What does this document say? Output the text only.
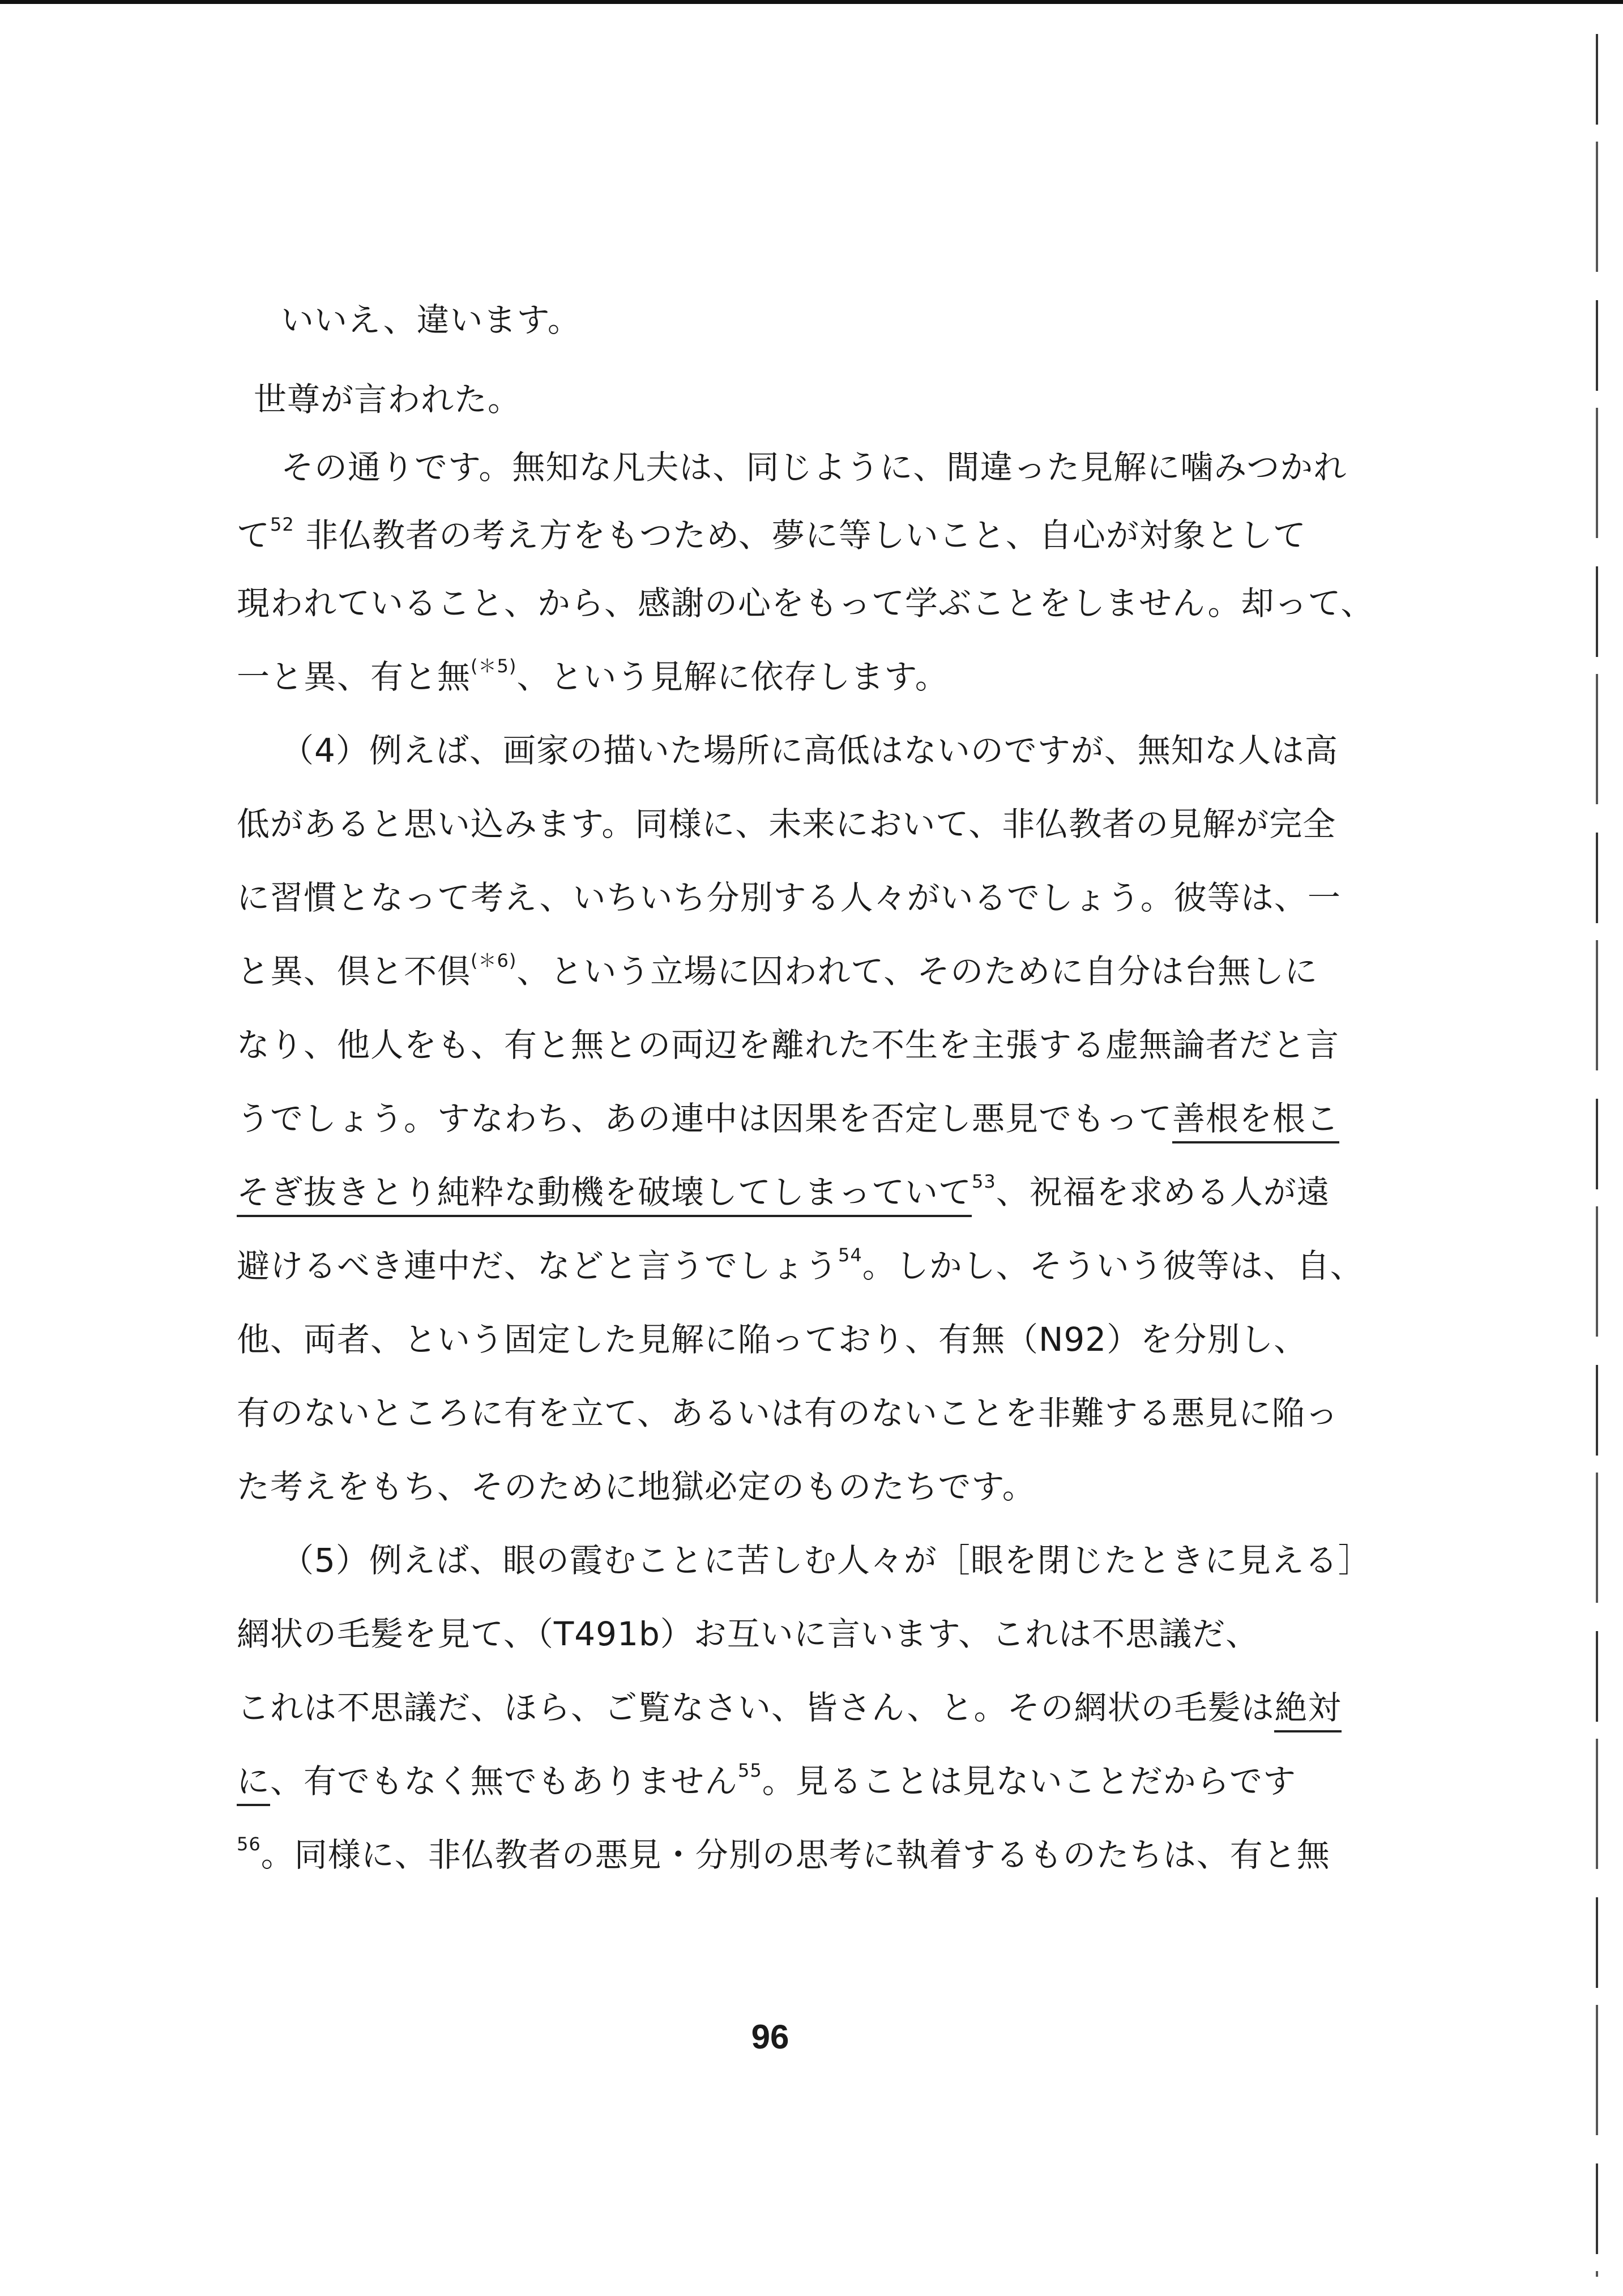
いいえ、違います。
世尊が言われた。
その通りです。無知な凡夫は、同じように、間違った見解に噛みつかれ
て$^{52}$ 非仏教者の考え方をもつため、夢に等しいこと、自心が対象として
現われていること、から、感謝の心をもって学ぶことをしません。却って、
一と異、有と無$^{(*5)}$、という見解に依存します。
（4）例えば、画家の描いた場所に高低はないのですが、無知な人は高
低があると思い込みます。同様に、未来において、非仏教者の見解が完全
に習慣となって考え、いちいち分別する人々がいるでしょう。彼等は、一
と異、倶と不倶$^{(*6)}$、という立場に囚われて、そのために自分は台無しに
なり、他人をも、有と無との両辺を離れた不生を主張する虚無論者だと言
うでしょう。すなわち、あの連中は因果を否定し悪見でもって善根を根こ
そぎ抜きとり純粋な動機を破壊してしまっていて$^{53}$、祝福を求める人が遠
避けるべき連中だ、などと言うでしょう$^{54}$。しかし、そういう彼等は、自、
他、両者、という固定した見解に陥っており、有無（N92）を分別し、
有のないところに有を立て、あるいは有のないことを非難する悪見に陥っ
た考えをもち、そのために地獄必定のものたちです。
（5）例えば、眼の霞むことに苦しむ人々が［眼を閉じたときに見える］
網状の毛髪を見て、（T491b）お互いに言います、これは不思議だ、
これは不思議だ、ほら、ご覧なさい、皆さん、と。その網状の毛髪は絶対
に、有でもなく無でもありません$^{55}$。見ることは見ないことだからです
$^{56}$。同様に、非仏教者の悪見・分別の思考に執着するものたちは、有と無
96
